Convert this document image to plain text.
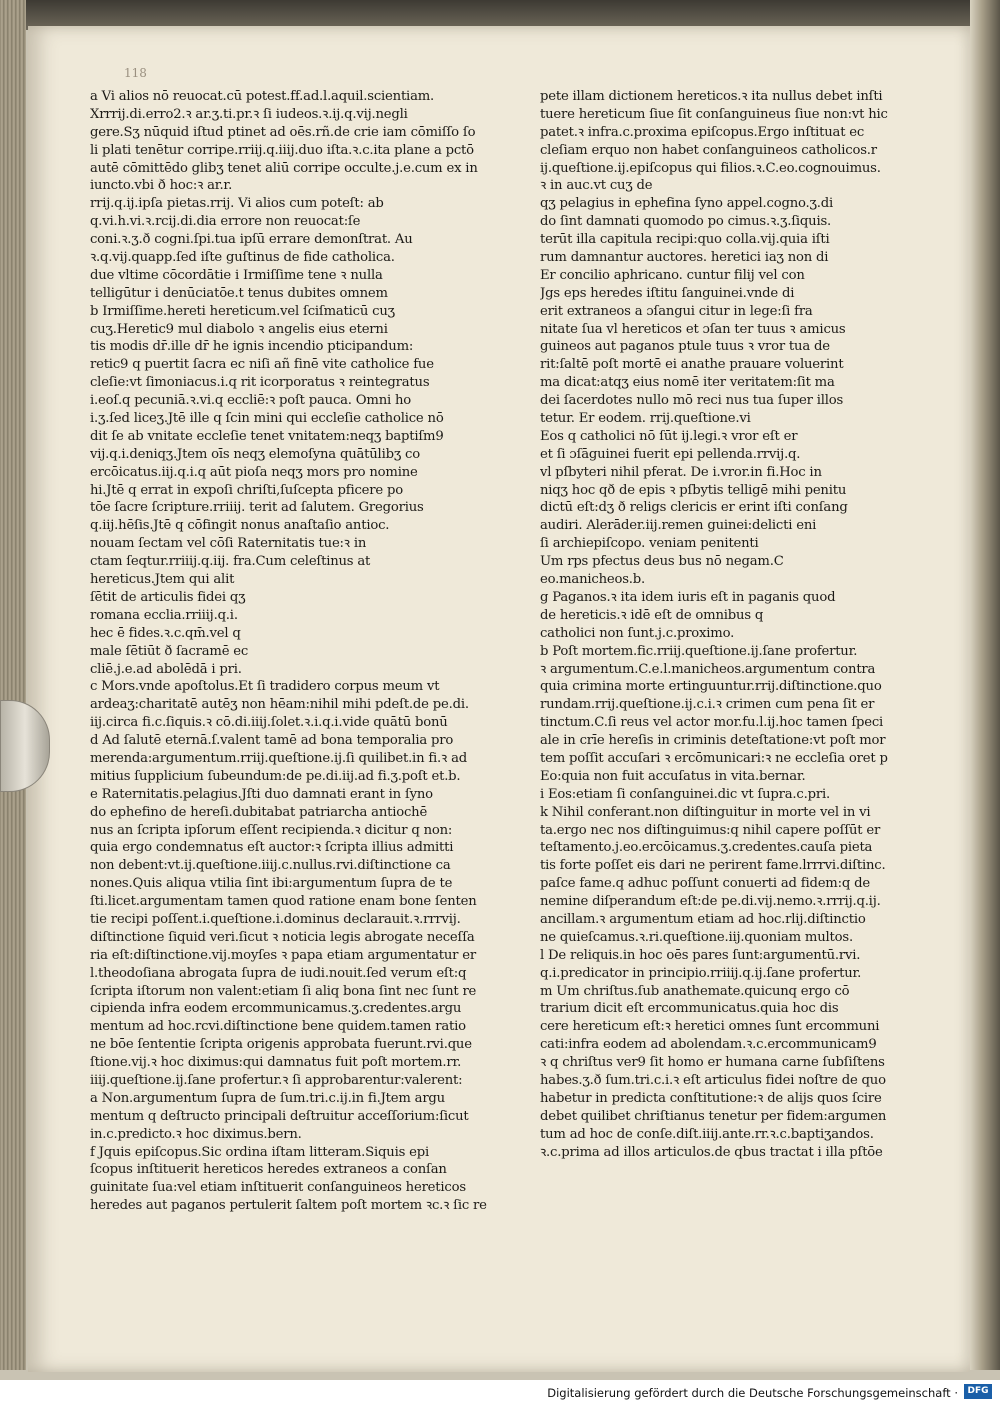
118
a Vi alios nō reuocat.cū potest.ff.ad.l.aquil.scientiam.
Xrrrij.di.erro2.ꝛ ar.ʒ.ti.pr.ꝛ ſi iudeos.ꝛ.ij.q.vij.negli
gere.Sʒ nūquid iſtud ptinet ad oēs.rñ.de crie iam cōmiſſo ſo
li plati tenētur corripe.rriij.q.iiij.duo iſta.ꝛ.c.ita plane a pctō
autē cōmittēdo glibʒ tenet aliū corripe occulte.j.e.cum ex in
iuncto.vbi ð hoc:ꝛ ar.r.
rrij.q.ij.ipſa pietas.rrij. Vi alios cum poteſt: ab
q.vi.h.vi.ꝛ.rcij.di.dia errore non reuocat:ſe
coni.ꝛ.ʒ.ð cogni.ſpi.tua ipſū errare demonſtrat. Au
ꝛ.q.vij.quapp.ſed iſte guſtinus de fide catholica.
due vltime cōcordātie i Irmiſſime tene ꝛ nulla
telligūtur i denūciatōe.t tenus dubites omnem
b Irmiſſime.hereti hereticum.vel ſciſmaticū cuʒ
cuʒ.Heretic9 mul diabolo ꝛ angelis eius eterni
tis modis dr̄.ille dr̄ he ignis incendio pticipandum:
retic9 q puertit ſacra ec niſi añ finē vite catholice fue
cleſie:vt ſimoniacus.i.q rit icorporatus ꝛ reintegratus
i.eoſ.q pecuniā.ꝛ.vi.q eccliē:ꝛ poſt pauca. Omni ho
i.ʒ.ſed liceʒ.Jtē ille q ſcin mini qui eccleſie catholice nō
dit ſe ab vnitate eccleſie tenet vnitatem:neqʒ baptiſm9
vij.q.i.deniqʒ.Jtem oīs neqʒ elemoſyna quātūlibʒ co
ercōicatus.iij.q.i.q aūt pioſa neqʒ mors pro nomine
hi.Jtē q errat in expoſi chriſti,ſuſcepta pficere po
tōe ſacre ſcripture.rriiij. terit ad ſalutem. Gregorius
q.iij.hēſis.Jtē q cōfingit nonus anaſtaſio antioc.
nouam ſectam vel cōſi Raternitatis tue:ꝛ in
ctam ſeqtur.rriiij.q.iij. fra.Cum celeſtinus at
hereticus.Jtem qui alit
ſētit de articulis fidei qʒ
romana ecclia.rriiij.q.i.
hec ē fides.ꝛ.c.qm̄.vel q
male ſētiūt ð ſacramē ec
cliē.j.e.ad abolēdā i pri.
c Mors.vnde apoſtolus.Et ſi tradidero corpus meum vt
ardeaʒ:charitatē autēʒ non hēam:nihil mihi pdeſt.de pe.di.
iij.circa fi.c.ſiquis.ꝛ cō.di.iiij.ſolet.ꝛ.i.q.i.vide quātū bonū
d Ad ſalutē eternā.ſ.valent tamē ad bona temporalia pro
merenda:argumentum.rriij.queſtione.ij.ſi quilibet.in fi.ꝛ ad
mitius ſupplicium ſubeundum:de pe.di.iij.ad fi.ʒ.poſt et.b.
e Raternitatis.pelagius.Jſti duo damnati erant in ſyno
do ephefino de hereſi.dubitabat patriarcha antiochē
nus an ſcripta ipſorum eſſent recipienda.ꝛ dicitur q non:
quia ergo condemnatus eſt auctor:ꝛ ſcripta illius admitti
non debent:vt.ij.queſtione.iiij.c.nullus.rvi.diſtinctione ca
nones.Quis aliqua vtilia ſint ibi:argumentum ſupra de te
ſti.licet.argumentam tamen quod ratione enam bone ſenten
tie recipi poſſent.i.queſtione.i.dominus declarauit.ꝛ.rrrvij.
diſtinctione ſiquid veri.ſicut ꝛ noticia legis abrogate neceſſa
ria eſt:diſtinctione.vij.moyſes ꝛ papa etiam argumentatur er
l.theodoſiana abrogata ſupra de iudi.nouit.ſed verum eſt:q
ſcripta iſtorum non valent:etiam ſi aliq bona ſint nec ſunt re
cipienda infra eodem ercommunicamus.ʒ.credentes.argu
mentum ad hoc.rcvi.diſtinctione bene quidem.tamen ratio
ne bōe ſententie ſcripta origenis approbata fuerunt.rvi.que
ſtione.vij.ꝛ hoc diximus:qui damnatus fuit poſt mortem.rr.
iiij.queſtione.ij.ſane profertur.ꝛ ſi approbarentur:valerent:
a Non.argumentum ſupra de ſum.tri.c.ij.in fi.Jtem argu
mentum q deſtructo principali deſtruitur acceſſorium:ſicut
in.c.predicto.ꝛ hoc diximus.bern.
f Jquis epiſcopus.Sic ordina iſtam litteram.Siquis epi
ſcopus inſtituerit hereticos heredes extraneos a conſan
guinitate ſua:vel etiam inſtituerit conſanguineos hereticos
heredes aut paganos pertulerit ſaltem poſt mortem ꝛc.ꝛ ſic re
pete illam dictionem hereticos.ꝛ ita nullus debet inſti
tuere hereticum ſiue ſit conſanguineus ſiue non:vt hic
patet.ꝛ infra.c.proxima epiſcopus.Ergo inſtituat ec
cleſiam erquo non habet conſanguineos catholicos.r
ij.queſtione.ij.epiſcopus qui filios.ꝛ.C.eo.cognouimus.
ꝛ in auc.vt cuʒ de
qʒ pelagius in ephefina ſyno appel.cogno.ʒ.di
do ſint damnati quomodo po cimus.ꝛ.ʒ.ſiquis.
terūt illa capitula recipi:quo colla.vij.quia iſti
rum damnantur auctores. heretici iaʒ non di
Er concilio aphricano. cuntur filij vel con
Jgs eps heredes iſtitu ſanguinei.vnde di
erit extraneos a ɔſangui citur in lege:ſi fra
nitate ſua vl hereticos et ɔſan ter tuus ꝛ amicus
guineos aut paganos ptule tuus ꝛ vror tua de
rit:ſaltē poſt mortē ei anathe prauare voluerint
ma dicat:atqʒ eius nomē iter veritatem:ſit ma
dei ſacerdotes nullo mō reci nus tua ſuper illos
tetur. Er eodem. rrij.queſtione.vi
Eos q catholici nō ſūt ij.legi.ꝛ vror eſt er
et ſi ɔſāguinei fuerit epi pellenda.rrvij.q.
vl pſbyteri nihil pferat. De i.vror.in fi.Hoc in
niqʒ hoc qð de epis ꝛ pſbytis telligē mihi penitu
dictū eſt:dʒ ð religs clericis er erint iſti conſang
audiri. Alerāder.iij.remen guinei:delicti eni
ſi archiepiſcopo. veniam penitenti
Um rps pfectus deus bus nō negam.C
eo.manicheos.b.
g Paganos.ꝛ ita idem iuris eſt in paganis quod
de hereticis.ꝛ idē eſt de omnibus q
catholici non ſunt.j.c.proximo.
b Poſt mortem.fic.rriij.queſtione.ij.ſane profertur.
ꝛ argumentum.C.e.l.manicheos.argumentum contra
quia crimina morte ertinguuntur.rrij.diſtinctione.quo
rundam.rrij.queſtione.ij.c.i.ꝛ crimen cum pena ſit er
tinctum.C.ſi reus vel actor mor.fu.l.ij.hoc tamen ſpeci
ale in crīe hereſis in criminis deteſtatione:vt poſt mor
tem poſſit accuſari ꝛ ercōmunicari:ꝛ ne eccleſia oret p
Eo:quia non fuit accuſatus in vita.bernar.
i Eos:etiam ſi conſanguinei.dic vt ſupra.c.pri.
k Nihil conferant.non diſtinguitur in morte vel in vi
ta.ergo nec nos diſtinguimus:q nihil capere poſſūt er
teſtamento.j.eo.ercōicamus.ʒ.credentes.cauſa pieta
tis forte poſſet eis dari ne perirent fame.lrrrvi.diſtinc.
paſce fame.q adhuc poſſunt conuerti ad fidem:q de
nemine diſperandum eſt:de pe.di.vij.nemo.ꝛ.rrrij.q.ij.
ancillam.ꝛ argumentum etiam ad hoc.rlij.diſtinctio
ne quieſcamus.ꝛ.ri.queſtione.iij.quoniam multos.
l De reliquis.in hoc oēs pares ſunt:argumentū.rvi.
q.i.predicator in principio.rriiij.q.ij.ſane profertur.
m Um chriſtus.ſub anathemate.quicunq ergo cō
trarium dicit eſt ercommunicatus.quia hoc dis
cere hereticum eſt:ꝛ heretici omnes ſunt ercommuni
cati:infra eodem ad abolendam.ꝛ.c.ercommunicam9
ꝛ q chriſtus ver9 ſit homo er humana carne ſubſiſtens
habes.ʒ.ð ſum.tri.c.i.ꝛ eſt articulus fidei noſtre de quo
habetur in predicta conſtitutione:ꝛ de alijs quos ſcire
debet quilibet chriſtianus tenetur per fidem:argumen
tum ad hoc de conſe.diſt.iiij.ante.rr.ꝛ.c.baptiʒandos.
ꝛ.c.prima ad illos articulos.de qbus tractat i illa pſtōe
Digitalisierung gefördert durch die Deutsche Forschungsgemeinschaft ·	DFG
